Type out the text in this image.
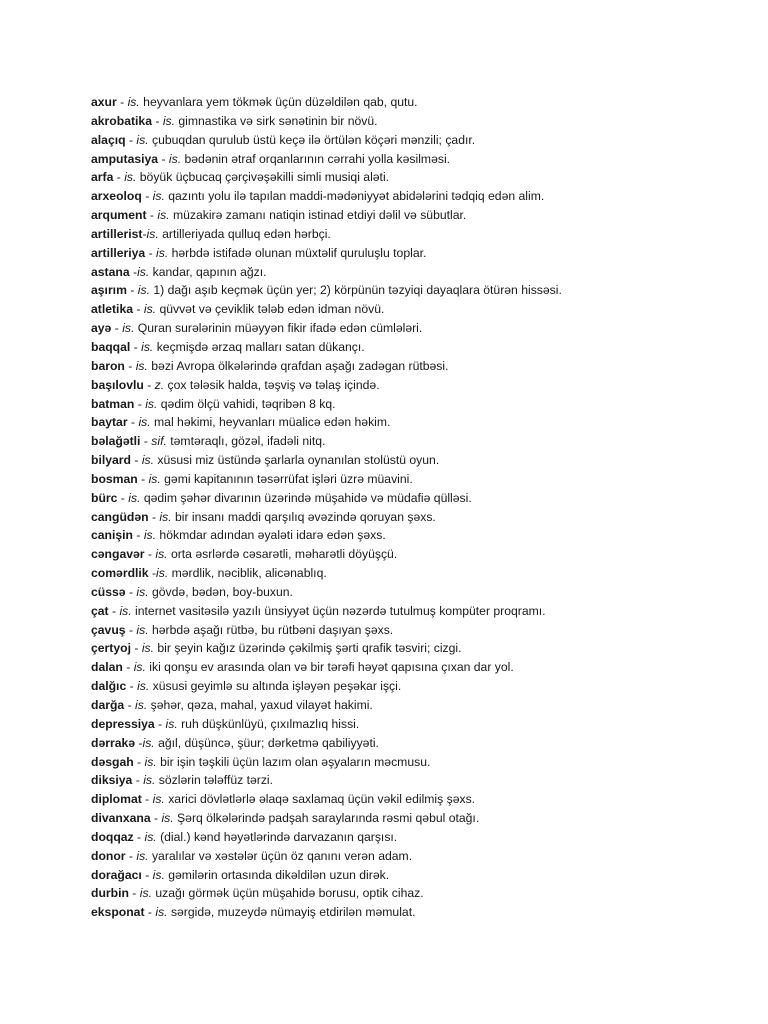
axur - is. heyvanlara yem tökmək üçün düzəldilən qab, qutu.
akrobatika - is. gimnastika və sirk sənətinin bir növü.
alaçıq - is. çubuqdan qurulub üstü keçə ilə örtülən köçəri mənzili; çadır.
amputasiya - is. bədənin ətraf orqanlarının cərrahi yolla kəsilməsi.
arfa - is. böyük üçbucaq çərçivəşəkilli simli musiqi aləti.
arxeoloq - is. qazıntı yolu ilə tapılan maddi-mədəniyyət abidələrini tədqiq edən alim.
arqument - is. müzakirə zamanı natiqin istinad etdiyi dəlil və sübutlar.
artillerist-is. artilleriyada qulluq edən hərbçi.
artilleriya - is. hərbdə istifadə olunan müxtəlif quruluşlu toplar.
astana -is. kandar, qapının ağzı.
aşırım - is. 1) dağı aşıb keçmək üçün yer; 2) körpünün təzyiqi dayaqlara ötürən hissəsi.
atletika - is. qüvvət və çeviklik tələb edən idman növü.
ayə - is. Quran surələrinin müəyyən fikir ifadə edən cümlələri.
baqqal - is. keçmişdə ərzaq malları satan dükançı.
baron - is. bəzi Avropa ölkələrində qrafdan aşağı zadəgan rütbəsi.
başılovlu - z. çox tələsik halda, təşviş və təlaş içində.
batman - is. qədim ölçü vahidi, təqribən 8 kq.
baytar - is. mal həkimi, heyvanları müalicə edən həkim.
bəlağətli - sif. təmtəraqlı, gözəl, ifadəli nitq.
bilyard - is. xüsusi miz üstündə şarlarla oynanılan stolüstü oyun.
bosman - is. gəmi kapitanının təsərrüfat işləri üzrə müavini.
bürc - is. qədim şəhər divarının üzərində müşahidə və müdafiə qülləsi.
cangüdən - is. bir insanı maddi qarşılıq əvəzində qoruyan şəxs.
canişin - is. hökmdar adından əyaləti idarə edən şəxs.
cəngavər - is. orta əsrlərdə cəsarətli, məharətli döyüşçü.
comərdlik -is. mərdlik, nəciblik, alicənablıq.
cüssə - is. gövdə, bədən, boy-buxun.
çat - is. internet vasitəsilə yazılı ünsiyyət üçün nəzərdə tutulmuş kompüter proqramı.
çavuş - is. hərbdə aşağı rütbə, bu rütbəni daşıyan şəxs.
çertyoj - is. bir şeyin kağız üzərində çəkilmiş şərti qrafik təsviri; cizgi.
dalan - is. iki qonşu ev arasında olan və bir tərəfi həyət qapısına çıxan dar yol.
dalğıc - is. xüsusi geyimlə su altında işləyən peşəkar işçi.
darğa - is. şəhər, qəza, mahal, yaxud vilayət hakimi.
depressiya - is. ruh düşkünlüyü, çıxılmazlıq hissi.
dərrakə -is. ağıl, düşüncə, şüur; dərketmə qabiliyyəti.
dəsgah - is. bir işin təşkili üçün lazım olan əşyaların məcmusu.
diksiya - is. sözlərin tələffüz tərzi.
diplomat - is. xarici dövlətlərlə əlaqə saxlamaq üçün vəkil edilmiş şəxs.
divanxana - is. Şərq ölkələrində padşah saraylarında rəsmi qəbul otağı.
doqqaz - is. (dial.) kənd həyətlərində darvazanın qarşısı.
donor - is. yaralılar və xəstələr üçün öz qanını verən adam.
dorağacı - is. gəmilərin ortasında dikəldilən uzun dirək.
durbin - is. uzağı görmək üçün müşahidə borusu, optik cihaz.
eksponat - is. sərgidə, muzeydə nümayiş etdirilən məmulat.
